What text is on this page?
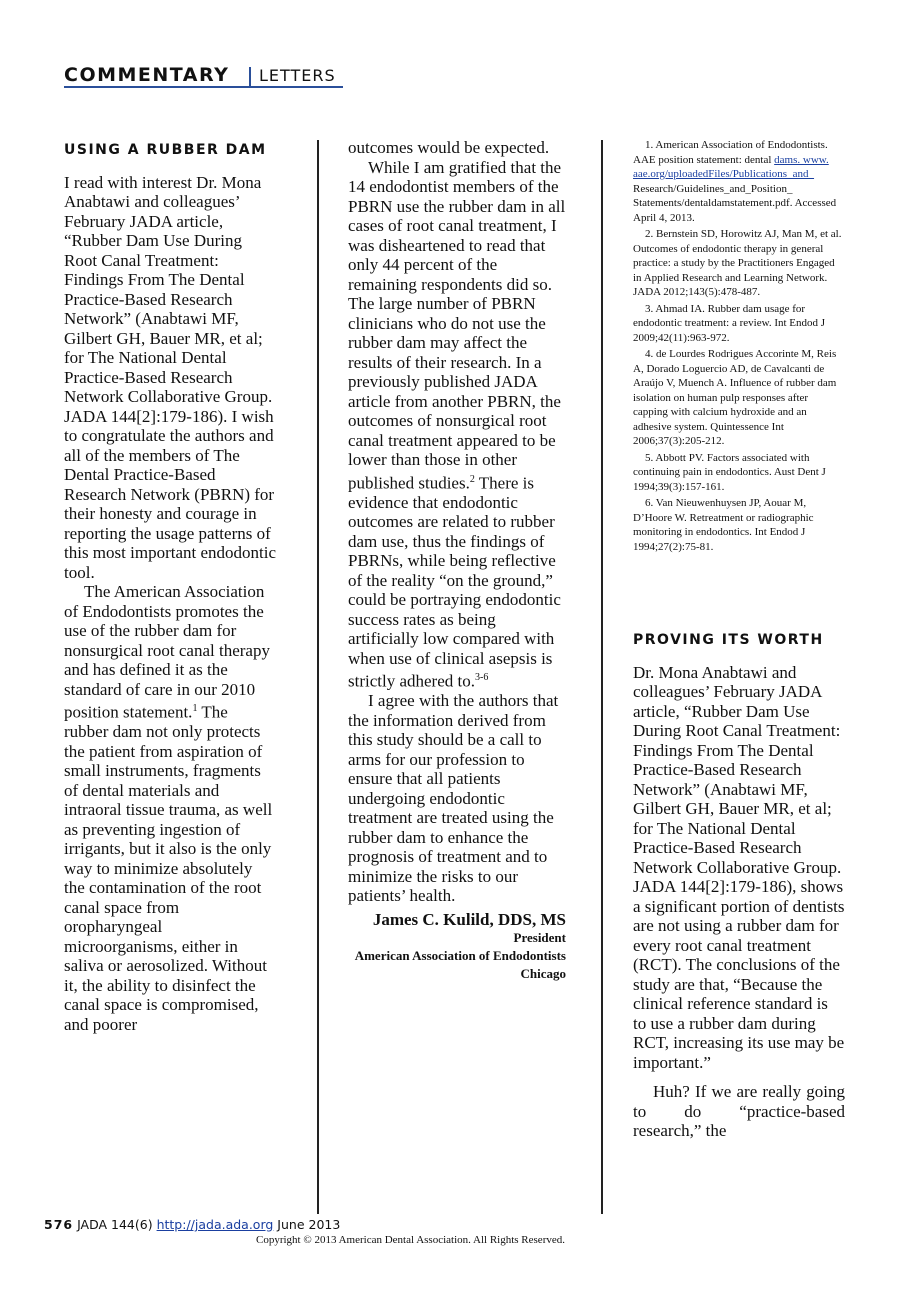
COMMENTARY LETTERS

USING A RUBBER DAM

I read with interest Dr. Mona Anabtawi and colleagues’ February JADA article, “Rubber Dam Use During Root Canal Treatment: Findings From The Dental Practice-Based Research Network” (Anabtawi MF, Gilbert GH, Bauer MR, et al; for The National Dental Practice-Based Research Network Collaborative Group. JADA 144[2]:179-186). I wish to congratulate the authors and all of the members of The Dental Practice-Based Research Network (PBRN) for their honesty and courage in reporting the usage patterns of this most important endodontic tool.

The American Association of Endodontists promotes the use of the rubber dam for nonsurgical root canal therapy and has defined it as the standard of care in our 2010 position statement.$^1$ The rubber dam not only protects the patient from aspiration of small instruments, fragments of dental materials and intraoral tissue trauma, as well as preventing ingestion of irrigants, but it also is the only way to minimize absolutely the contamination of the root canal space from oropharyngeal microorganisms, either in saliva or aerosolized. Without it, the ability to disinfect the canal space is compromised, and poorer

outcomes would be expected.

While I am gratified that the 14 endodontist members of the PBRN use the rubber dam in all cases of root canal treatment, I was disheartened to read that only 44 percent of the remaining respondents did so. The large number of PBRN clinicians who do not use the rubber dam may affect the results of their research. In a previously published JADA article from another PBRN, the outcomes of nonsurgical root canal treatment appeared to be lower than those in other published studies.$^2$ There is evidence that endodontic outcomes are related to rubber dam use, thus the findings of PBRNs, while being reflective of the reality “on the ground,” could be portraying endodontic success rates as being artificially low compared with when use of clinical asepsis is strictly adhered to.$^{3-6}$

I agree with the authors that the information derived from this study should be a call to arms for our profession to ensure that all patients undergoing endodontic treatment are treated using the rubber dam to enhance the prognosis of treatment and to minimize the risks to our patients’ health.

James C. Kulild, DDS, MS
President
American Association of Endodontists
Chicago

1. American Association of Endodontists. AAE position statement: dental dams. www. aae.org/uploadedFiles/Publications_and_ Research/Guidelines_and_Position_ Statements/dentaldamstatement.pdf. Accessed April 4, 2013.

2. Bernstein SD, Horowitz AJ, Man M, et al. Outcomes of endodontic therapy in general practice: a study by the Practitioners Engaged in Applied Research and Learning Network. JADA 2012;143(5):478-487.

3. Ahmad IA. Rubber dam usage for endodontic treatment: a review. Int Endod J 2009;42(11):963-972.

4. de Lourdes Rodrigues Accorinte M, Reis A, Dorado Loguercio AD, de Cavalcanti de Araújo V, Muench A. Influence of rubber dam isolation on human pulp responses after capping with calcium hydroxide and an adhesive system. Quintessence Int 2006;37(3):205-212.

5. Abbott PV. Factors associated with continuing pain in endodontics. Aust Dent J 1994;39(3):157-161.

6. Van Nieuwenhuysen JP, Aouar M, D’Hoore W. Retreatment or radiographic monitoring in endodontics. Int Endod J 1994;27(2):75-81.

PROVING ITS WORTH

Dr. Mona Anabtawi and colleagues’ February JADA article, “Rubber Dam Use During Root Canal Treatment: Findings From The Dental Practice-Based Research Network” (Anabtawi MF, Gilbert GH, Bauer MR, et al; for The National Dental Practice-Based Research Network Collaborative Group. JADA 144[2]:179-186), shows a significant portion of dentists are not using a rubber dam for every root canal treatment (RCT). The conclusions of the study are that, “Because the clinical reference standard is to use a rubber dam during RCT, increasing its use may be important.”

Huh? If we are really going to do “practice-based research,” the

576 JADA 144(6) http://jada.ada.org June 2013
Copyright © 2013 American Dental Association. All Rights Reserved.
